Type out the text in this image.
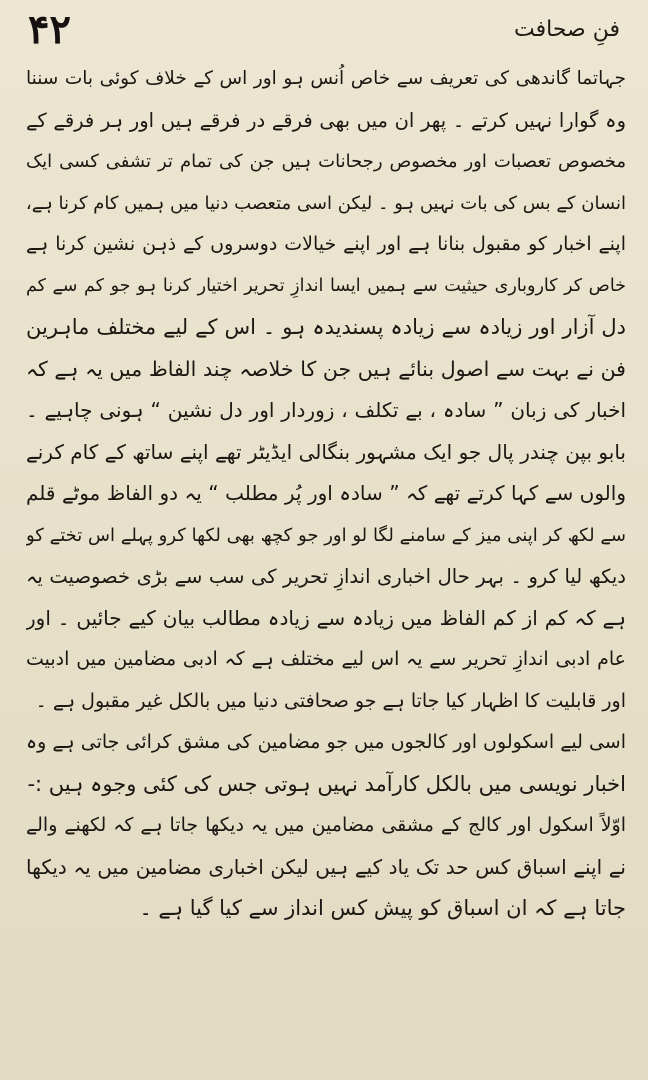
۴۲	فنِ صحافت
جہاتما گاندھی کی تعریف سے خاص اُنس ہو اور اس کے خلاف کوئی بات سننا
وہ گوارا نہیں کرتے ۔ پھر ان میں بھی فرقے در فرقے ہیں اور ہر فرقے کے
مخصوص تعصبات اور مخصوص رجحانات ہیں جن کی تمام تر تشفی کسی ایک
انسان کے بس کی بات نہیں ہو ۔ لیکن اسی متعصب دنیا میں ہمیں کام کرنا ہے،
اپنے اخبار کو مقبول بنانا ہے اور اپنے خیالات دوسروں کے ذہن نشین کرنا ہے
خاص کر کاروباری حیثیت سے ہمیں ایسا اندازِ تحریر اختیار کرنا ہو جو کم سے کم
دل آزار اور زیادہ سے زیادہ پسندیدہ ہو ۔ اس کے لیے مختلف ماہرین
فن نے بہت سے اصول بنائے ہیں جن کا خلاصہ چند الفاظ میں یہ ہے کہ
اخبار کی زبان ” سادہ ، بے تکلف ، زوردار اور دل نشین “ ہونی چاہیے ۔
بابو بپن چندر پال جو ایک مشہور بنگالی ایڈیٹر تھے اپنے ساتھ کے کام کرنے
والوں سے کہا کرتے تھے کہ ” سادہ اور پُر مطلب “ یہ دو الفاظ موٹے قلم
سے لکھ کر اپنی میز کے سامنے لگا لو اور جو کچھ بھی لکھا کرو پہلے اس تختے کو
دیکھ لیا کرو ۔ بہر حال اخباری اندازِ تحریر کی سب سے بڑی خصوصیت یہ
ہے کہ کم از کم الفاظ میں زیادہ سے زیادہ مطالب بیان کیے جائیں ۔ اور
عام ادبی اندازِ تحریر سے یہ اس لیے مختلف ہے کہ ادبی مضامین میں ادبیت
اور قابلیت کا اظہار کیا جاتا ہے جو صحافتی دنیا میں بالکل غیر مقبول ہے ۔
اسی لیے اسکولوں اور کالجوں میں جو مضامین کی مشق کرائی جاتی ہے وہ
اخبار نویسی میں بالکل کارآمد نہیں ہوتی جس کی کئی وجوہ ہیں :-
اوّلاً اسکول اور کالج کے مشقی مضامین میں یہ دیکھا جاتا ہے کہ لکھنے والے
نے اپنے اسباق کس حد تک یاد کیے ہیں لیکن اخباری مضامین میں یہ دیکھا
جاتا ہے کہ ان اسباق کو پیش کس انداز سے کیا گیا ہے ۔
